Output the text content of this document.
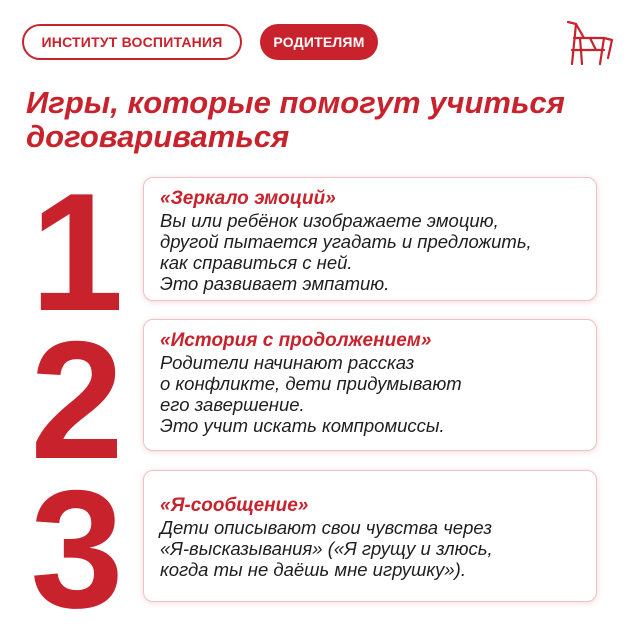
ИНСТИТУТ ВОСПИТАНИЯ	РОДИТЕЛЯМ
Игры, которые помогут учиться
договариваться
1	«Зеркало эмоций»
Вы или ребёнок изображаете эмоцию,
другой пытается угадать и предложить,
как справиться с ней.
Это развивает эмпатию.
2	«История с продолжением»
Родители начинают рассказ
о конфликте, дети придумывают
его завершение.
Это учит искать компромиссы.
3	«Я-сообщение»
Дети описывают свои чувства через
«Я-высказывания» («Я грущу и злюсь,
когда ты не даёшь мне игрушку»).
